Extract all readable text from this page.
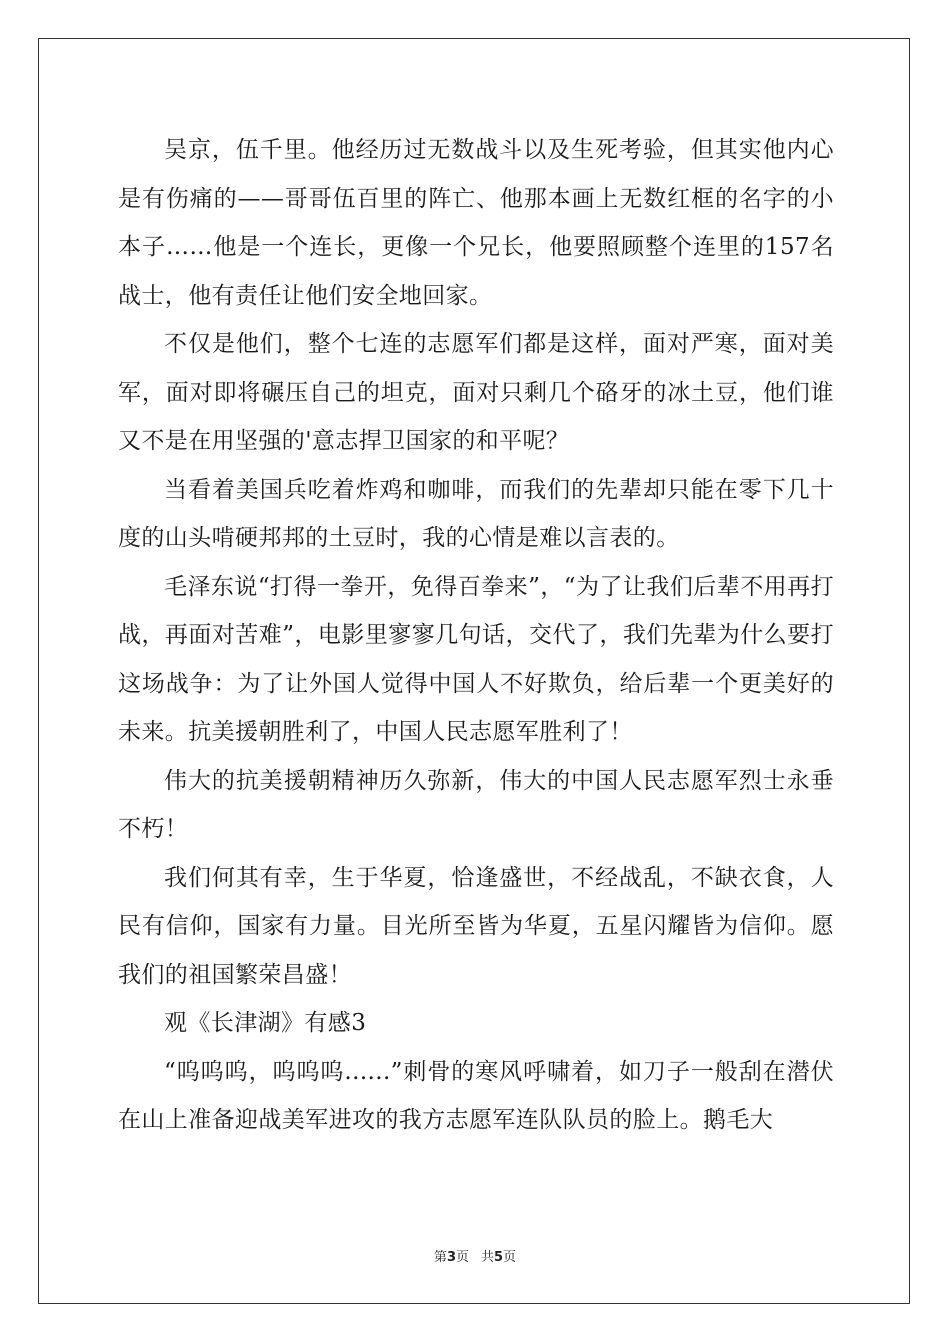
吴京，伍千里。他经历过无数战斗以及生死考验，但其实他内心是有伤痛的——哥哥伍百里的阵亡、他那本画上无数红框的名字的小本子……他是一个连长，更像一个兄长，他要照顾整个连里的157名战士，他有责任让他们安全地回家。

不仅是他们，整个七连的志愿军们都是这样，面对严寒，面对美军，面对即将碾压自己的坦克，面对只剩几个硌牙的冰土豆，他们谁又不是在用坚强的'意志捍卫国家的和平呢？

当看着美国兵吃着炸鸡和咖啡，而我们的先辈却只能在零下几十度的山头啃硬邦邦的土豆时，我的心情是难以言表的。

毛泽东说“打得一拳开，免得百拳来”，“为了让我们后辈不用再打战，再面对苦难”，电影里寥寥几句话，交代了，我们先辈为什么要打这场战争：为了让外国人觉得中国人不好欺负，给后辈一个更美好的未来。抗美援朝胜利了，中国人民志愿军胜利了！

伟大的抗美援朝精神历久弥新，伟大的中国人民志愿军烈士永垂不朽！

我们何其有幸，生于华夏，恰逢盛世，不经战乱，不缺衣食，人民有信仰，国家有力量。目光所至皆为华夏，五星闪耀皆为信仰。愿我们的祖国繁荣昌盛！

观《长津湖》有感3

“呜呜呜，呜呜呜......”刺骨的寒风呼啸着，如刀子一般刮在潜伏在山上准备迎战美军进攻的我方志愿军连队队员的脸上。鹅毛大

第3页 共5页
